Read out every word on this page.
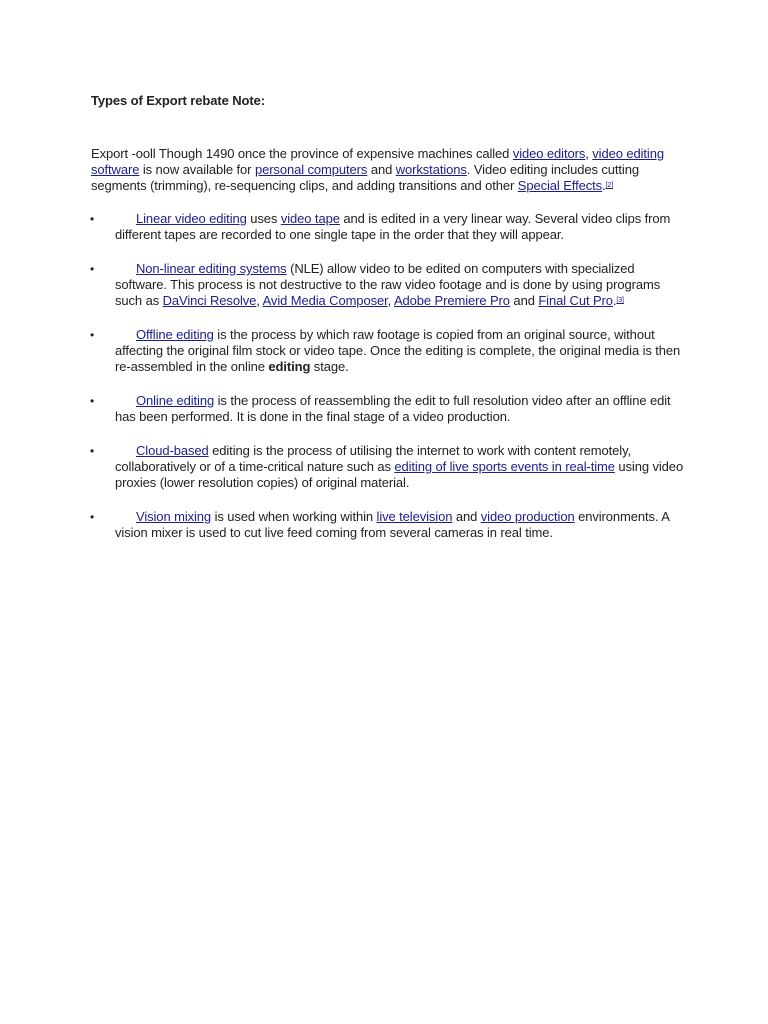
Types of Export rebate Note:
Export -ooll Though 1490 once the province of expensive machines called video editors, video editing software is now available for personal computers and workstations. Video editing includes cutting segments (trimming), re-sequencing clips, and adding transitions and other Special Effects.[2]
•	Linear video editing uses video tape and is edited in a very linear way. Several video clips from different tapes are recorded to one single tape in the order that they will appear.
•	Non-linear editing systems (NLE) allow video to be edited on computers with specialized software. This process is not destructive to the raw video footage and is done by using programs such as DaVinci Resolve, Avid Media Composer, Adobe Premiere Pro and Final Cut Pro.[3]
•	Offline editing is the process by which raw footage is copied from an original source, without affecting the original film stock or video tape. Once the editing is complete, the original media is then re-assembled in the online editing stage.
•	Online editing is the process of reassembling the edit to full resolution video after an offline edit has been performed. It is done in the final stage of a video production.
•	Cloud-based editing is the process of utilising the internet to work with content remotely, collaboratively or of a time-critical nature such as editing of live sports events in real-time using video proxies (lower resolution copies) of original material.
•	Vision mixing is used when working within live television and video production environments. A vision mixer is used to cut live feed coming from several cameras in real time.
